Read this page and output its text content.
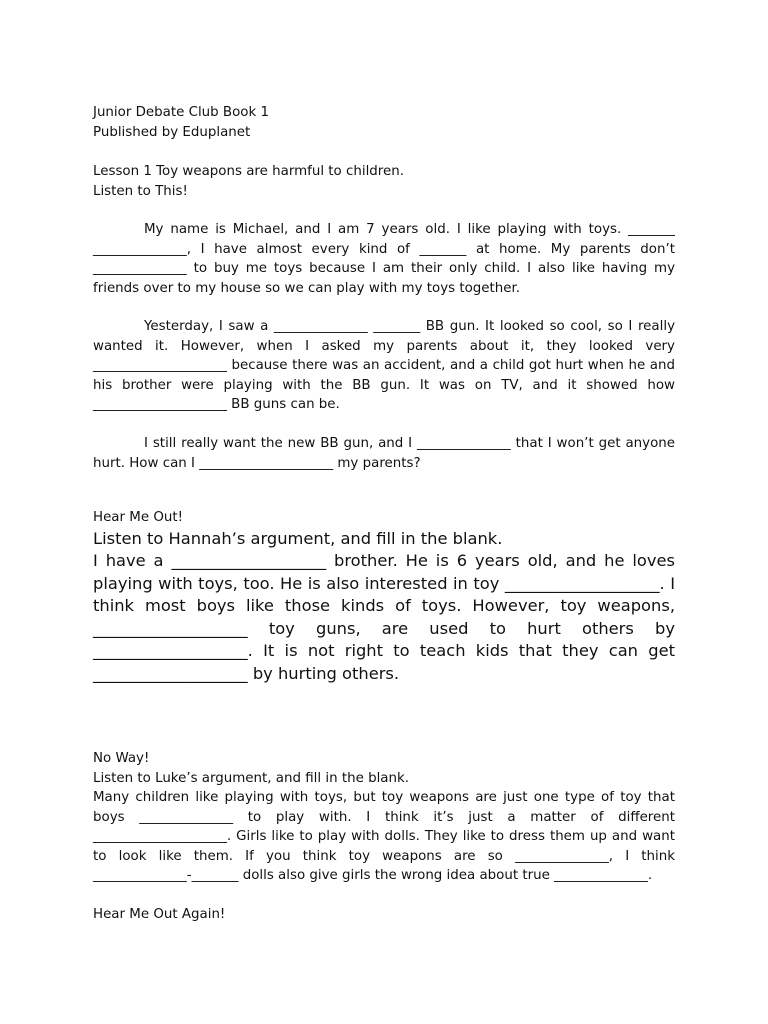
Junior Debate Club Book 1

Published by Eduplanet

Lesson 1 Toy weapons are harmful to children.

Listen to This!

My name is Michael, and I am 7 years old. I like playing with toys. _______ ______________, I have almost every kind of _______ at home. My parents don’t ______________ to buy me toys because I am their only child. I also like having my friends over to my house so we can play with my toys together.

Yesterday, I saw a ______________ _______ BB gun. It looked so cool, so I really wanted it. However, when I asked my parents about it, they looked very ____________________ because there was an accident, and a child got hurt when he and his brother were playing with the BB gun. It was on TV, and it showed how ____________________ BB guns can be.

I still really want the new BB gun, and I ______________ that I won’t get anyone hurt. How can I ____________________ my parents?

Hear Me Out!

Listen to Hannah’s argument, and fill in the blank.

I have a ___________________ brother. He is 6 years old, and he loves playing with toys, too. He is also interested in toy ___________________. I think most boys like those kinds of toys. However, toy weapons, ___________________ toy guns, are used to hurt others by ___________________. It is not right to teach kids that they can get ___________________ by hurting others.

No Way!

Listen to Luke’s argument, and fill in the blank.

Many children like playing with toys, but toy weapons are just one type of toy that boys ______________ to play with. I think it’s just a matter of different ____________________. Girls like to play with dolls. They like to dress them up and want to look like them. If you think toy weapons are so ______________, I think ______________-_______ dolls also give girls the wrong idea about true ______________.

Hear Me Out Again!
